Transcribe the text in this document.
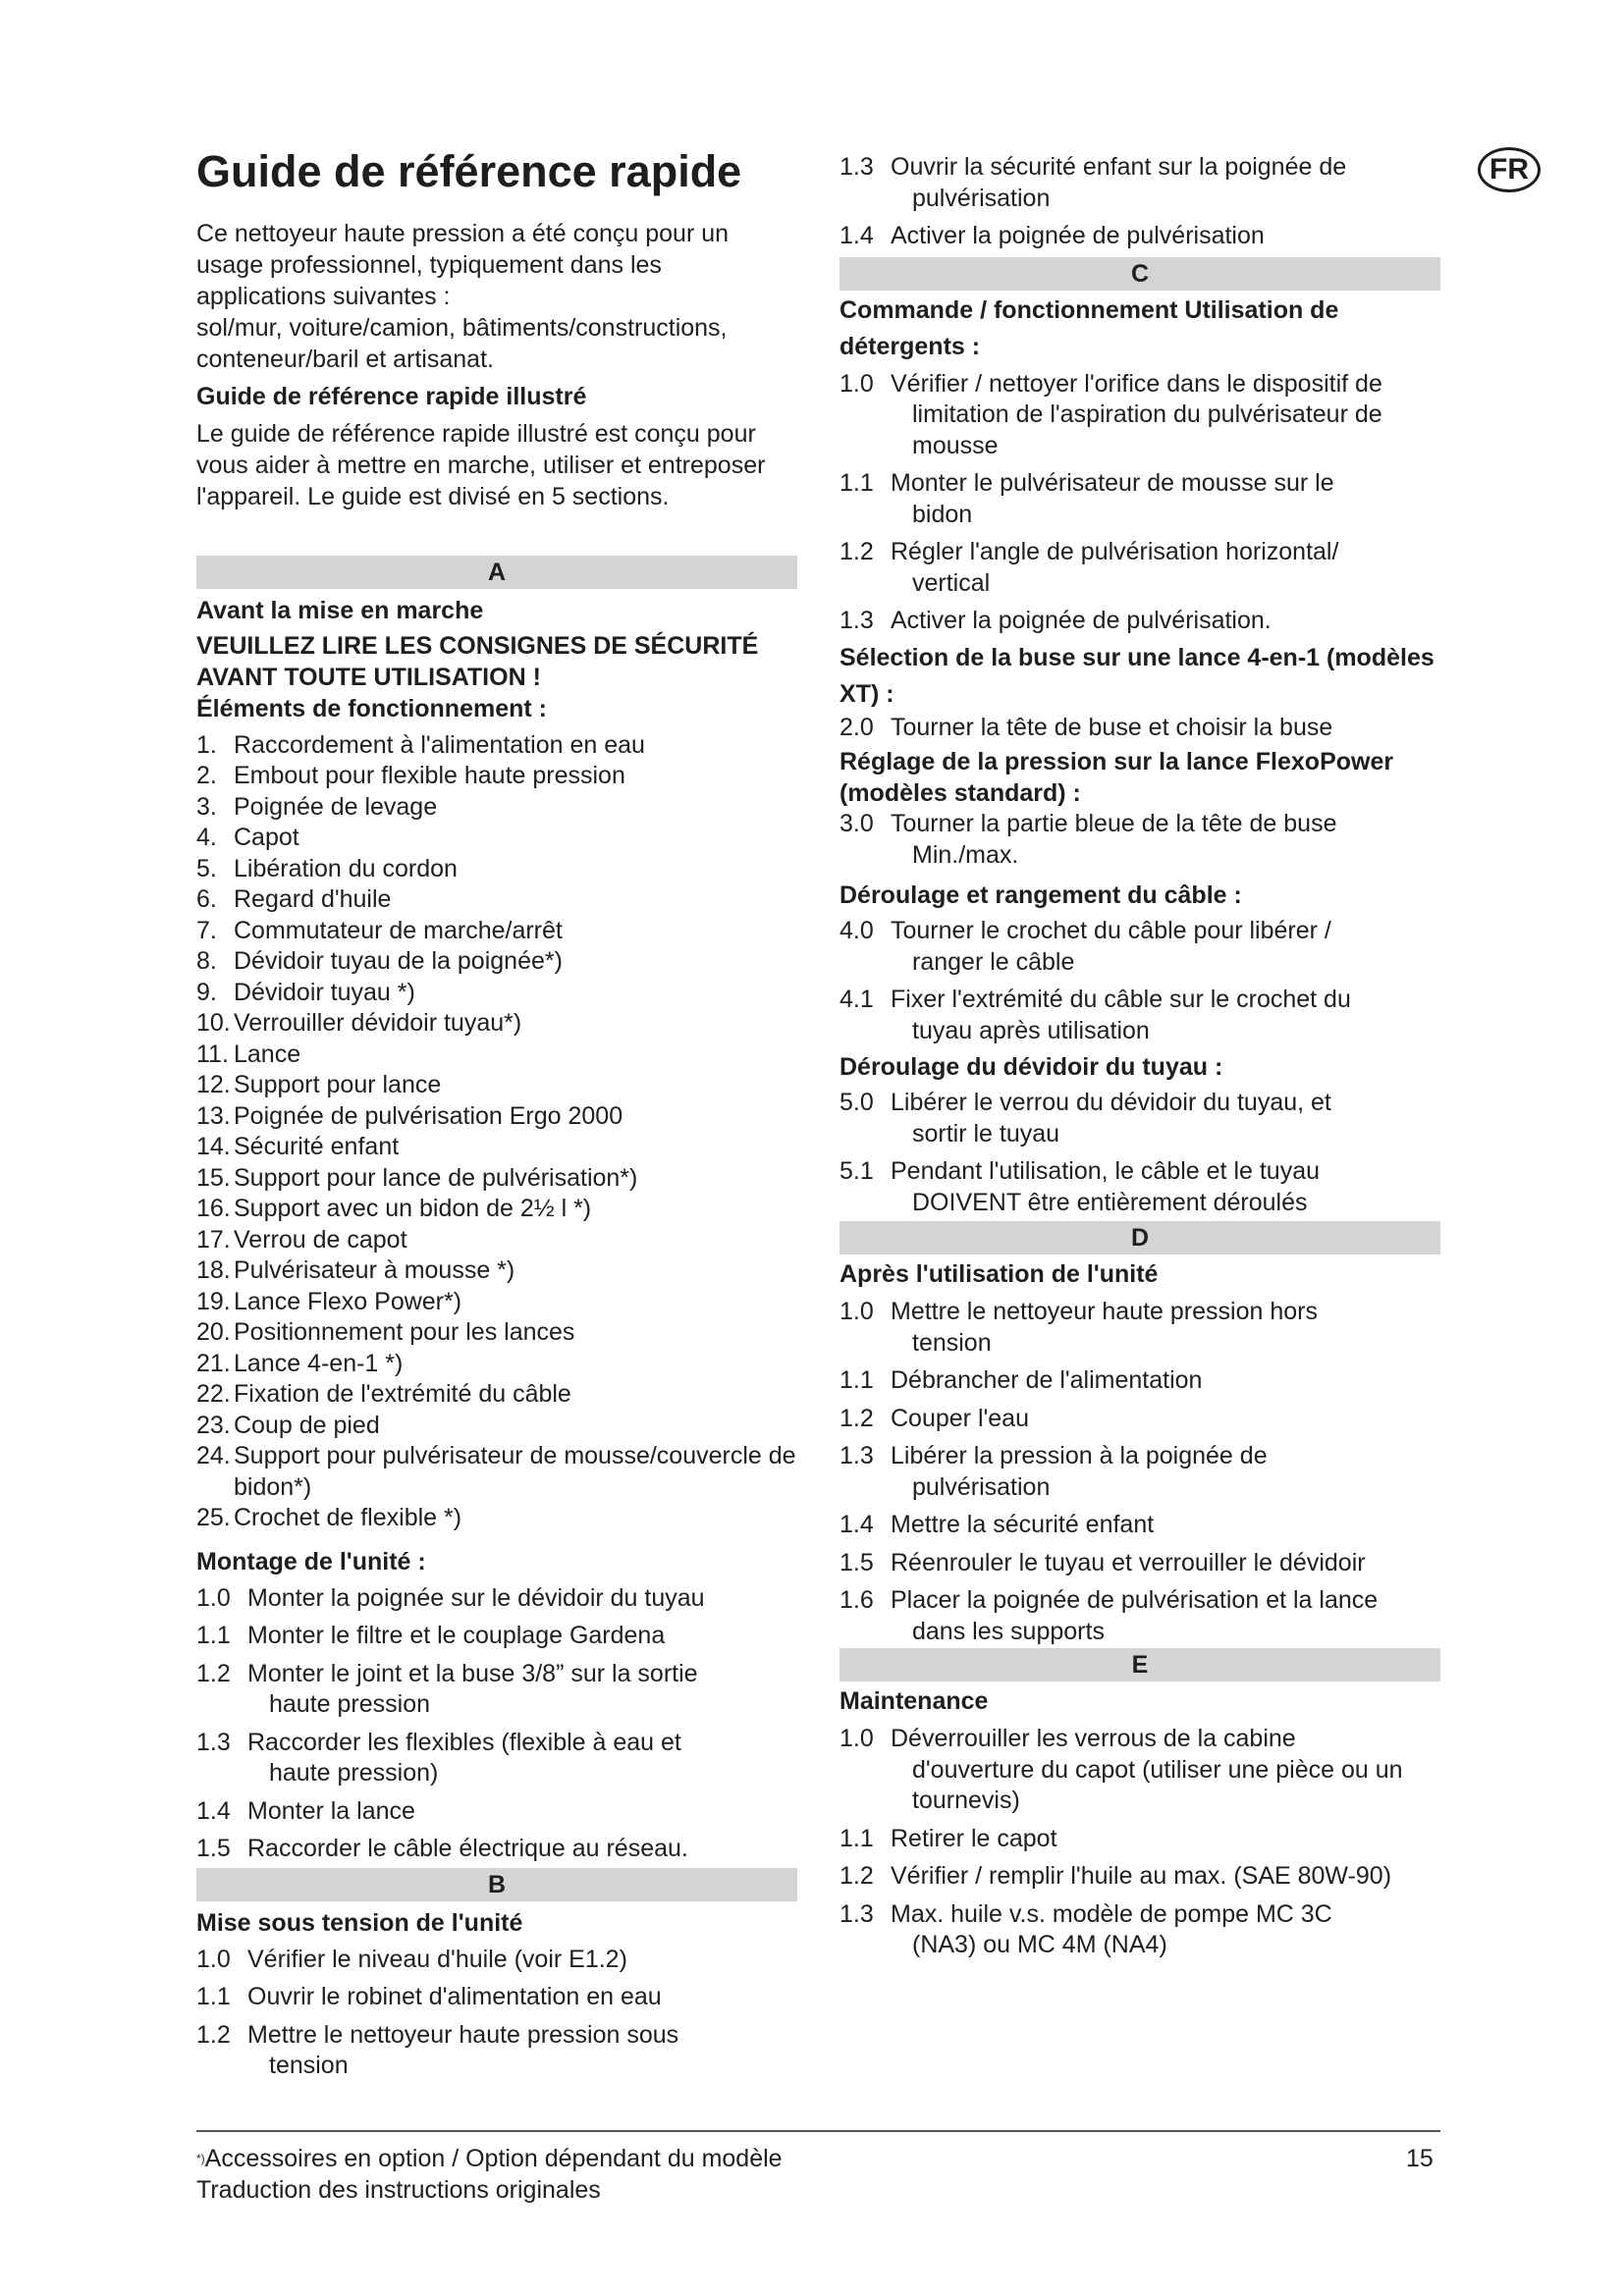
FR
Guide de référence rapide

Ce nettoyeur haute pression a été conçu pour un usage professionnel, typiquement dans les applications suivantes :

sol/mur, voiture/camion, bâtiments/constructions, conteneur/baril et artisanat.

Guide de référence rapide illustré

Le guide de référence rapide illustré est conçu pour vous aider à mettre en marche, utiliser et entreposer l'appareil. Le guide est divisé en 5 sections.

A
Avant la mise en marche
VEUILLEZ LIRE LES CONSIGNES DE SÉCURITÉ AVANT TOUTE UTILISATION !
Éléments de fonctionnement :
1. Raccordement à l'alimentation en eau
2. Embout pour flexible haute pression
3. Poignée de levage
4. Capot
5. Libération du cordon
6. Regard d'huile
7. Commutateur de marche/arrêt
8. Dévidoir tuyau de la poignée*)
9. Dévidoir tuyau *)
10. Verrouiller dévidoir tuyau*)
11. Lance
12. Support pour lance
13. Poignée de pulvérisation Ergo 2000
14. Sécurité enfant
15. Support pour lance de pulvérisation*)
16. Support avec un bidon de 2½ l *)
17. Verrou de capot
18. Pulvérisateur à mousse *)
19. Lance Flexo Power*)
20. Positionnement pour les lances
21. Lance 4-en-1 *)
22. Fixation de l'extrémité du câble
23. Coup de pied
24. Support pour pulvérisateur de mousse/couvercle de bidon*)
25. Crochet de flexible *)
Montage de l'unité :
1.0 Monter la poignée sur le dévidoir du tuyau
1.1 Monter le filtre et le couplage Gardena
1.2 Monter le joint et la buse 3/8” sur la sortie
haute pression
1.3 Raccorder les flexibles (flexible à eau et
haute pression)
1.4 Monter la lance
1.5 Raccorder le câble électrique au réseau.
B
Mise sous tension de l'unité
1.0 Vérifier le niveau d'huile (voir E1.2)
1.1 Ouvrir le robinet d'alimentation en eau
1.2 Mettre le nettoyeur haute pression sous
tension
1.3 Ouvrir la sécurité enfant sur la poignée de
pulvérisation
1.4 Activer la poignée de pulvérisation
C
Commande / fonctionnement Utilisation de détergents :
1.0 Vérifier / nettoyer l'orifice dans le dispositif de
limitation de l'aspiration du pulvérisateur de mousse
1.1 Monter le pulvérisateur de mousse sur le
bidon
1.2 Régler l'angle de pulvérisation horizontal/
vertical
1.3 Activer la poignée de pulvérisation.
Sélection de la buse sur une lance 4-en-1 (modèles XT) :
2.0 Tourner la tête de buse et choisir la buse
Réglage de la pression sur la lance FlexoPower (modèles standard) :
3.0 Tourner la partie bleue de la tête de buse
Min./max.
Déroulage et rangement du câble :
4.0 Tourner le crochet du câble pour libérer /
ranger le câble
4.1 Fixer l'extrémité du câble sur le crochet du
tuyau après utilisation
Déroulage du dévidoir du tuyau :
5.0 Libérer le verrou du dévidoir du tuyau, et
sortir le tuyau
5.1 Pendant l'utilisation, le câble et le tuyau
DOIVENT être entièrement déroulés
D
Après l'utilisation de l'unité
1.0 Mettre le nettoyeur haute pression hors
tension
1.1 Débrancher de l'alimentation
1.2 Couper l'eau
1.3 Libérer la pression à la poignée de
pulvérisation
1.4 Mettre la sécurité enfant
1.5 Réenrouler le tuyau et verrouiller le dévidoir
1.6 Placer la poignée de pulvérisation et la lance
dans les supports
E
Maintenance
1.0 Déverrouiller les verrous de la cabine
d'ouverture du capot (utiliser une pièce ou un tournevis)
1.1 Retirer le capot
1.2 Vérifier / remplir l'huile au max. (SAE 80W-90)
1.3 Max. huile v.s. modèle de pompe MC 3C
(NA3) ou MC 4M (NA4)
*)Accessoires en option / Option dépendant du modèle
Traduction des instructions originales
15
